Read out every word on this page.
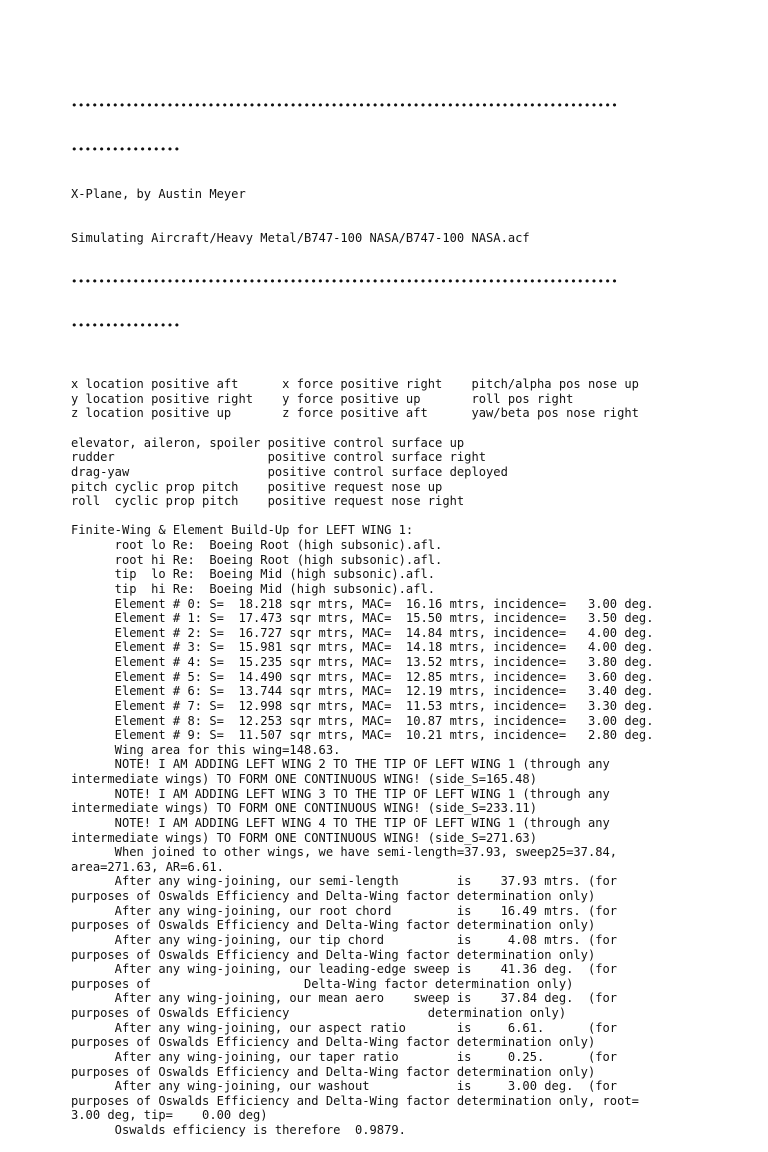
••••••••••••••••••••••••••••••••••••••••••••••••••••••••••••••••••••••••••••••••

••••••••••••••••

X-Plane, by Austin Meyer

Simulating Aircraft/Heavy Metal/B747-100 NASA/B747-100 NASA.acf

••••••••••••••••••••••••••••••••••••••••••••••••••••••••••••••••••••••••••••••••

••••••••••••••••

x location positive aft      x force positive right    pitch/alpha pos nose up
y location positive right    y force positive up       roll pos right
z location positive up       z force positive aft      yaw/beta pos nose right
elevator, aileron, spoiler positive control surface up
rudder                     positive control surface right
drag-yaw                   positive control surface deployed
pitch cyclic prop pitch    positive request nose up
roll  cyclic prop pitch    positive request nose right
Finite-Wing & Element Build-Up for LEFT WING 1:
root lo Re:  Boeing Root (high subsonic).afl.
root hi Re:  Boeing Root (high subsonic).afl.
tip  lo Re:  Boeing Mid (high subsonic).afl.
tip  hi Re:  Boeing Mid (high subsonic).afl.
Element # 0: S=  18.218 sqr mtrs, MAC=  16.16 mtrs, incidence=   3.00 deg.
Element # 1: S=  17.473 sqr mtrs, MAC=  15.50 mtrs, incidence=   3.50 deg.
Element # 2: S=  16.727 sqr mtrs, MAC=  14.84 mtrs, incidence=   4.00 deg.
Element # 3: S=  15.981 sqr mtrs, MAC=  14.18 mtrs, incidence=   4.00 deg.
Element # 4: S=  15.235 sqr mtrs, MAC=  13.52 mtrs, incidence=   3.80 deg.
Element # 5: S=  14.490 sqr mtrs, MAC=  12.85 mtrs, incidence=   3.60 deg.
Element # 6: S=  13.744 sqr mtrs, MAC=  12.19 mtrs, incidence=   3.40 deg.
Element # 7: S=  12.998 sqr mtrs, MAC=  11.53 mtrs, incidence=   3.30 deg.
Element # 8: S=  12.253 sqr mtrs, MAC=  10.87 mtrs, incidence=   3.00 deg.
Element # 9: S=  11.507 sqr mtrs, MAC=  10.21 mtrs, incidence=   2.80 deg.
Wing area for this wing=148.63.
NOTE! I AM ADDING LEFT WING 2 TO THE TIP OF LEFT WING 1 (through any
intermediate wings) TO FORM ONE CONTINUOUS WING! (side_S=165.48)
NOTE! I AM ADDING LEFT WING 3 TO THE TIP OF LEFT WING 1 (through any
intermediate wings) TO FORM ONE CONTINUOUS WING! (side_S=233.11)
NOTE! I AM ADDING LEFT WING 4 TO THE TIP OF LEFT WING 1 (through any
intermediate wings) TO FORM ONE CONTINUOUS WING! (side_S=271.63)
When joined to other wings, we have semi-length=37.93, sweep25=37.84,
area=271.63, AR=6.61.
After any wing-joining, our semi-length        is    37.93 mtrs. (for
purposes of Oswalds Efficiency and Delta-Wing factor determination only)
After any wing-joining, our root chord         is    16.49 mtrs. (for
purposes of Oswalds Efficiency and Delta-Wing factor determination only)
After any wing-joining, our tip chord          is     4.08 mtrs. (for
purposes of Oswalds Efficiency and Delta-Wing factor determination only)
After any wing-joining, our leading-edge sweep is    41.36 deg.  (for
purposes of                     Delta-Wing factor determination only)
After any wing-joining, our mean aero    sweep is    37.84 deg.  (for
purposes of Oswalds Efficiency                   determination only)
After any wing-joining, our aspect ratio       is     6.61.      (for
purposes of Oswalds Efficiency and Delta-Wing factor determination only)
After any wing-joining, our taper ratio        is     0.25.      (for
purposes of Oswalds Efficiency and Delta-Wing factor determination only)
After any wing-joining, our washout            is     3.00 deg.  (for
purposes of Oswalds Efficiency and Delta-Wing factor determination only, root=
3.00 deg, tip=    0.00 deg)
Oswalds efficiency is therefore  0.9879.
